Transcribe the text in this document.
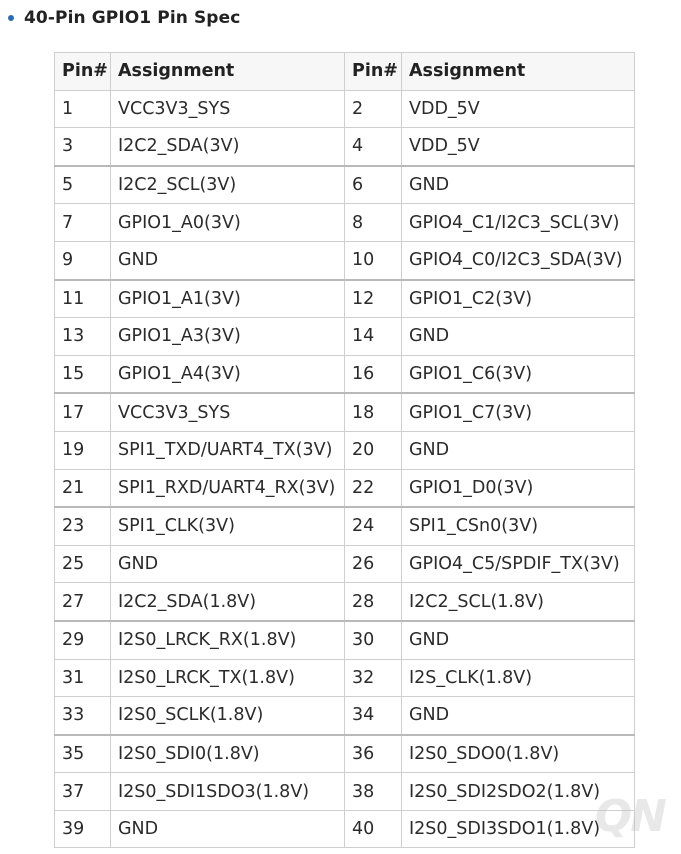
40-Pin GPIO1 Pin Spec
Pin#	Assignment	Pin#	Assignment
1	VCC3V3_SYS	2	VDD_5V
3	I2C2_SDA(3V)	4	VDD_5V
5	I2C2_SCL(3V)	6	GND
7	GPIO1_A0(3V)	8	GPIO4_C1/I2C3_SCL(3V)
9	GND	10	GPIO4_C0/I2C3_SDA(3V)
11	GPIO1_A1(3V)	12	GPIO1_C2(3V)
13	GPIO1_A3(3V)	14	GND
15	GPIO1_A4(3V)	16	GPIO1_C6(3V)
17	VCC3V3_SYS	18	GPIO1_C7(3V)
19	SPI1_TXD/UART4_TX(3V)	20	GND
21	SPI1_RXD/UART4_RX(3V)	22	GPIO1_D0(3V)
23	SPI1_CLK(3V)	24	SPI1_CSn0(3V)
25	GND	26	GPIO4_C5/SPDIF_TX(3V)
27	I2C2_SDA(1.8V)	28	I2C2_SCL(1.8V)
29	I2S0_LRCK_RX(1.8V)	30	GND
31	I2S0_LRCK_TX(1.8V)	32	I2S_CLK(1.8V)
33	I2S0_SCLK(1.8V)	34	GND
35	I2S0_SDI0(1.8V)	36	I2S0_SDO0(1.8V)
37	I2S0_SDI1SDO3(1.8V)	38	I2S0_SDI2SDO2(1.8V)
39	GND	40	I2S0_SDI3SDO1(1.8V)
QN
